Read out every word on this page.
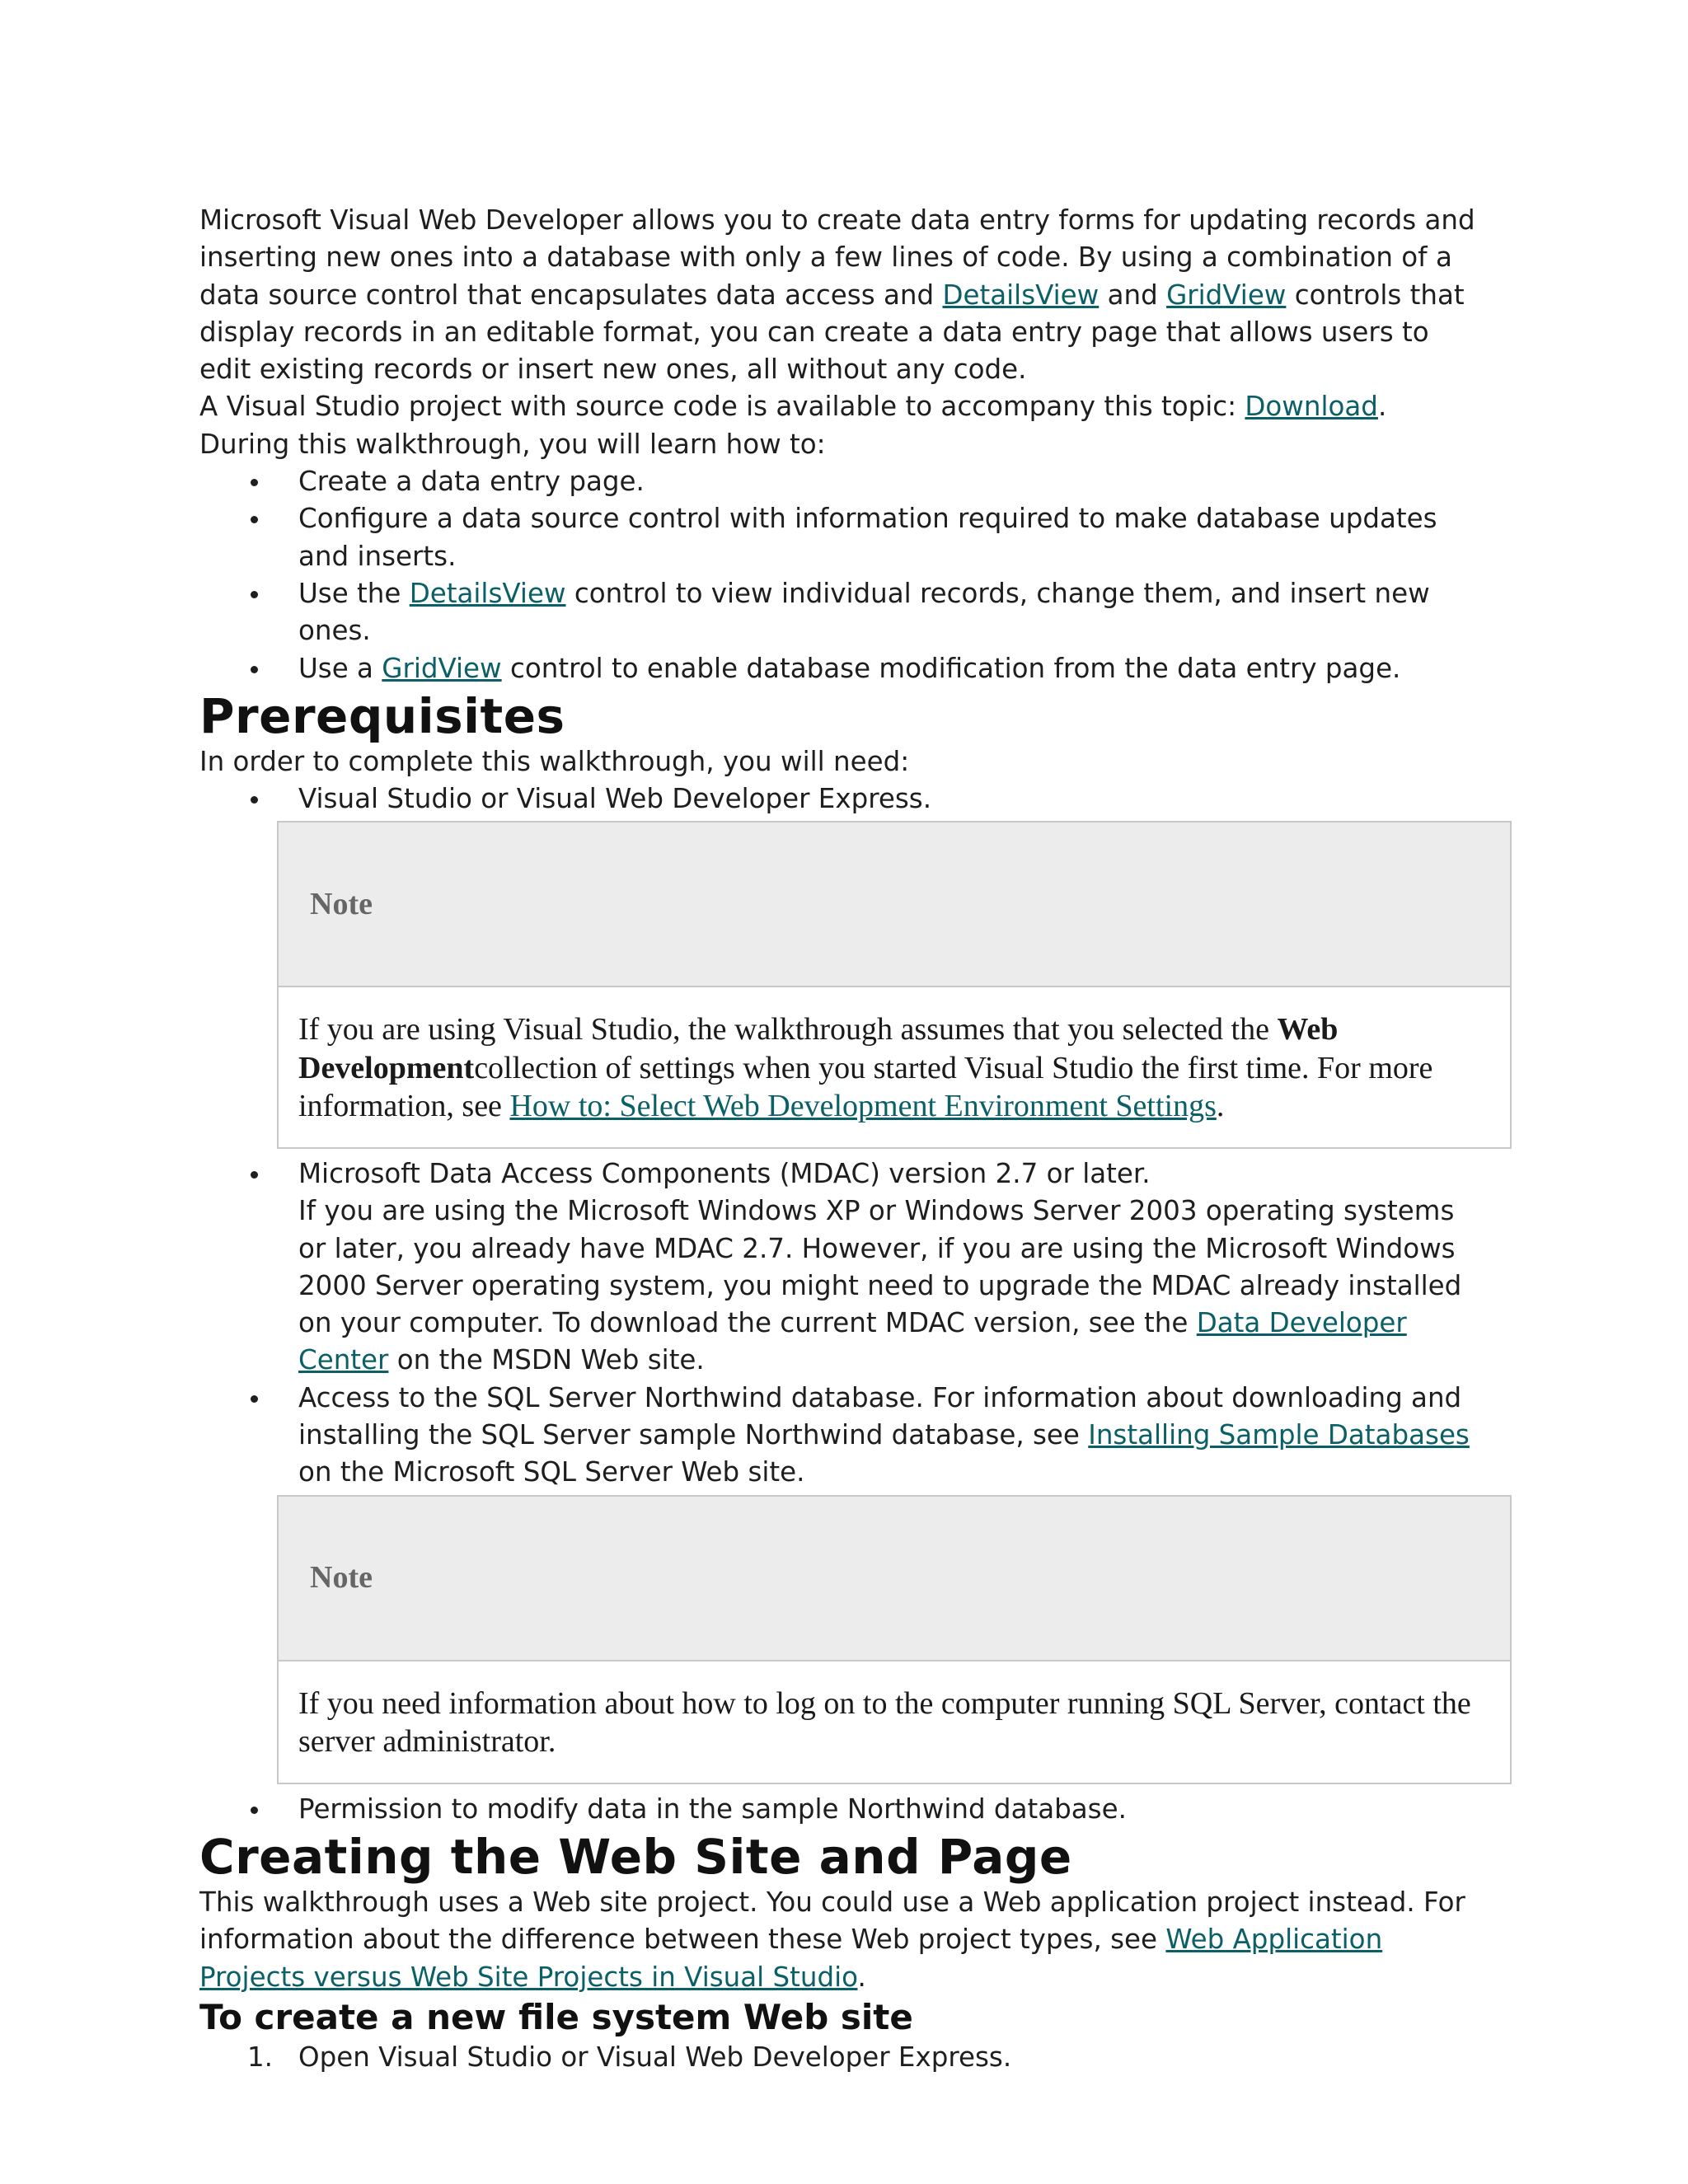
Microsoft Visual Web Developer allows you to create data entry forms for updating records and inserting new ones into a database with only a few lines of code. By using a combination of a data source control that encapsulates data access and DetailsView and GridView controls that display records in an editable format, you can create a data entry page that allows users to edit existing records or insert new ones, all without any code.

A Visual Studio project with source code is available to accompany this topic: Download.

During this walkthrough, you will learn how to:

Create a data entry page.
Configure a data source control with information required to make database updates and inserts.
Use the DetailsView control to view individual records, change them, and insert new ones.
Use a GridView control to enable database modification from the data entry page.
Prerequisites

In order to complete this walkthrough, you will need:

Visual Studio or Visual Web Developer Express.
Note
If you are using Visual Studio, the walkthrough assumes that you selected the Web Developmentcollection of settings when you started Visual Studio the first time. For more information, see How to: Select Web Development Environment Settings.
Microsoft Data Access Components (MDAC) version 2.7 or later.
If you are using the Microsoft Windows XP or Windows Server 2003 operating systems or later, you already have MDAC 2.7. However, if you are using the Microsoft Windows 2000 Server operating system, you might need to upgrade the MDAC already installed on your computer. To download the current MDAC version, see the Data Developer Center on the MSDN Web site.
Access to the SQL Server Northwind database. For information about downloading and installing the SQL Server sample Northwind database, see Installing Sample Databases on the Microsoft SQL Server Web site.
Note
If you need information about how to log on to the computer running SQL Server, contact the server administrator.
Permission to modify data in the sample Northwind database.
Creating the Web Site and Page

This walkthrough uses a Web site project. You could use a Web application project instead. For information about the difference between these Web project types, see Web Application Projects versus Web Site Projects in Visual Studio.

To create a new file system Web site
1. Open Visual Studio or Visual Web Developer Express.
